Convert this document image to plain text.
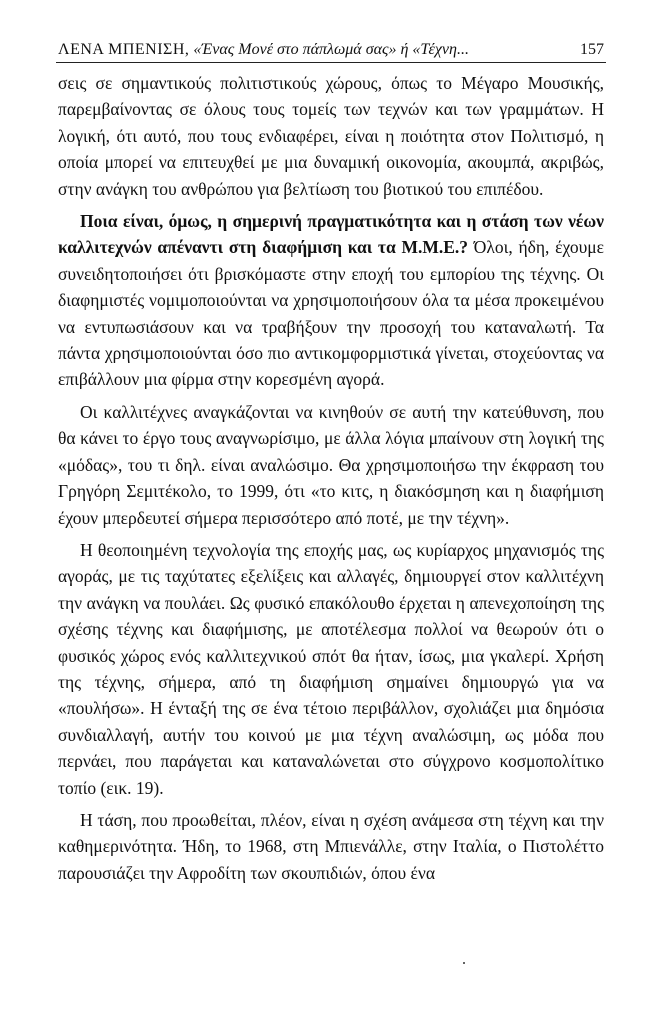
ΛΕΝΑ ΜΠΕΝΙΣΗ, «Ένας Μονέ στο πάπλωμά σας» ή «Τέχνη...	157

σεις σε σημαντικούς πολιτιστικούς χώρους, όπως το Μέγαρο Μουσικής, παρεμβαίνοντας σε όλους τους τομείς των τεχνών και των γραμμάτων. Η λογική, ότι αυτό, που τους ενδιαφέρει, είναι η ποιότητα στον Πολιτισμό, η οποία μπορεί να επιτευχθεί με μια δυναμική οικονομία, ακουμπά, ακριβώς, στην ανάγκη του ανθρώπου για βελτίωση του βιοτικού του επιπέδου.

Ποια είναι, όμως, η σημερινή πραγματικότητα και η στάση των νέων καλλιτεχνών απέναντι στη διαφήμιση και τα Μ.Μ.Ε.? Όλοι, ήδη, έχουμε συνειδητοποιήσει ότι βρισκόμαστε στην εποχή του εμπορίου της τέχνης. Οι διαφημιστές νομιμοποιούνται να χρησιμοποιήσουν όλα τα μέσα προκειμένου να εντυπωσιάσουν και να τραβήξουν την προσοχή του καταναλωτή. Τα πάντα χρησιμοποιούνται όσο πιο αντικομφορμιστικά γίνεται, στοχεύοντας να επιβάλλουν μια φίρμα στην κορεσμένη αγορά.

Οι καλλιτέχνες αναγκάζονται να κινηθούν σε αυτή την κατεύθυνση, που θα κάνει το έργο τους αναγνωρίσιμο, με άλλα λόγια μπαίνουν στη λογική της «μόδας», του τι δηλ. είναι αναλώσιμο. Θα χρησιμοποιήσω την έκφραση του Γρηγόρη Σεμιτέκολο, το 1999, ότι «το κιτς, η διακόσμηση και η διαφήμιση έχουν μπερδευτεί σήμερα περισσότερο από ποτέ, με την τέχνη».

Η θεοποιημένη τεχνολογία της εποχής μας, ως κυρίαρχος μηχανισμός της αγοράς, με τις ταχύτατες εξελίξεις και αλλαγές, δημιουργεί στον καλλιτέχνη την ανάγκη να πουλάει. Ως φυσικό επακόλουθο έρχεται η απενεχοποίηση της σχέσης τέχνης και διαφήμισης, με αποτέλεσμα πολλοί να θεωρούν ότι ο φυσικός χώρος ενός καλλιτεχνικού σπότ θα ήταν, ίσως, μια γκαλερί. Χρήση της τέχνης, σήμερα, από τη διαφήμιση σημαίνει δημιουργώ για να «πουλήσω». Η ένταξή της σε ένα τέτοιο περιβάλλον, σχολιάζει μια δημόσια συνδιαλλαγή, αυτήν του κοινού με μια τέχνη αναλώσιμη, ως μόδα που περνάει, που παράγεται και καταναλώνεται στο σύγχρονο κοσμοπολίτικο τοπίο (εικ. 19).

Η τάση, που προωθείται, πλέον, είναι η σχέση ανάμεσα στη τέχνη και την καθημερινότητα. Ήδη, το 1968, στη Μπιενάλλε, στην Ιταλία, ο Πιστολέττο παρουσιάζει την Αφροδίτη των σκουπιδιών, όπου ένα
